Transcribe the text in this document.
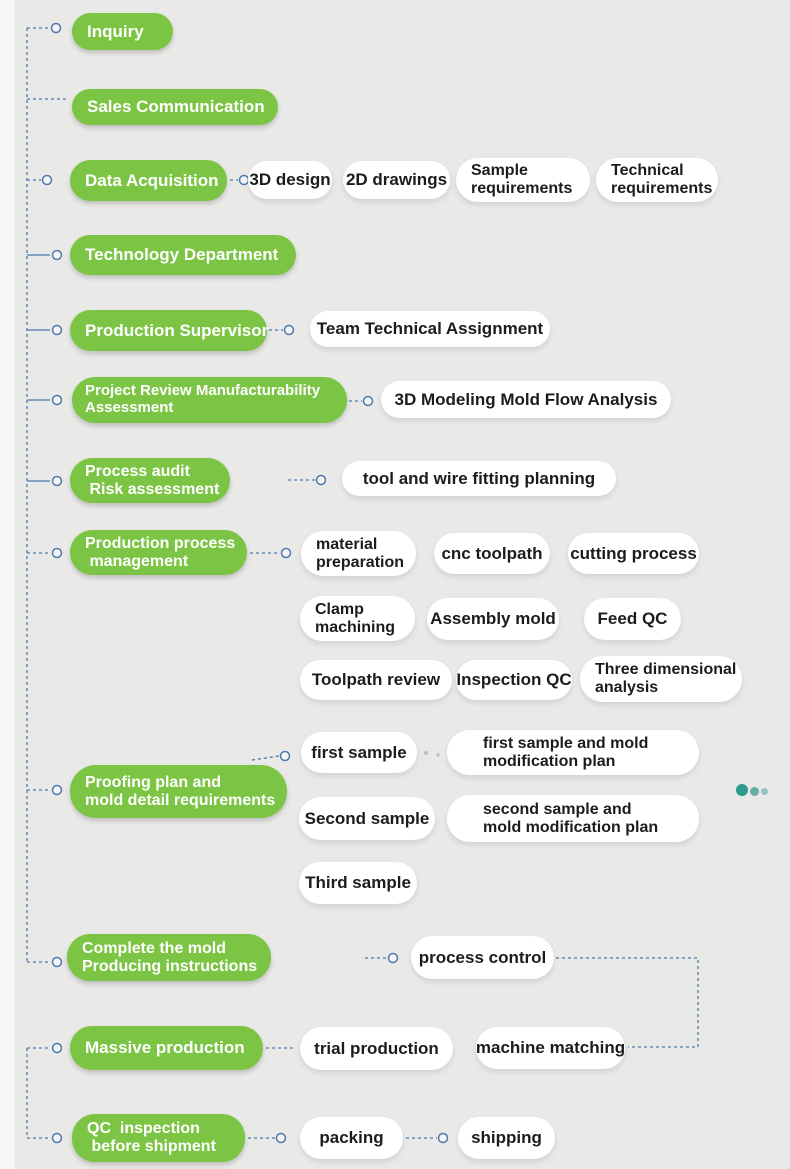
Inquiry
Sales Communication
Data Acquisition
Technology Department
Production Supervisor
Project Review Manufacturability
Assessment
Process audit
Risk assessment
Production process
management
Proofing plan and
mold detail requirements
Complete the mold
Producing instructions
Massive production
QC  inspection
before shipment
3D design 2D drawings Sample
requirements
Technical
requirements
Team Technical Assignment
3D Modeling Mold Flow Analysis
tool and wire fitting planning
material
preparation cnc toolpath cutting process
Clamp
machining Assembly mold Feed QC
Toolpath review Inspection QC
Three dimensional
analysis
first sample	first sample and mold
modification plan
Second sample	second sample and
mold modification plan
Third sample
process control
trial production machine matching
packing	shipping
